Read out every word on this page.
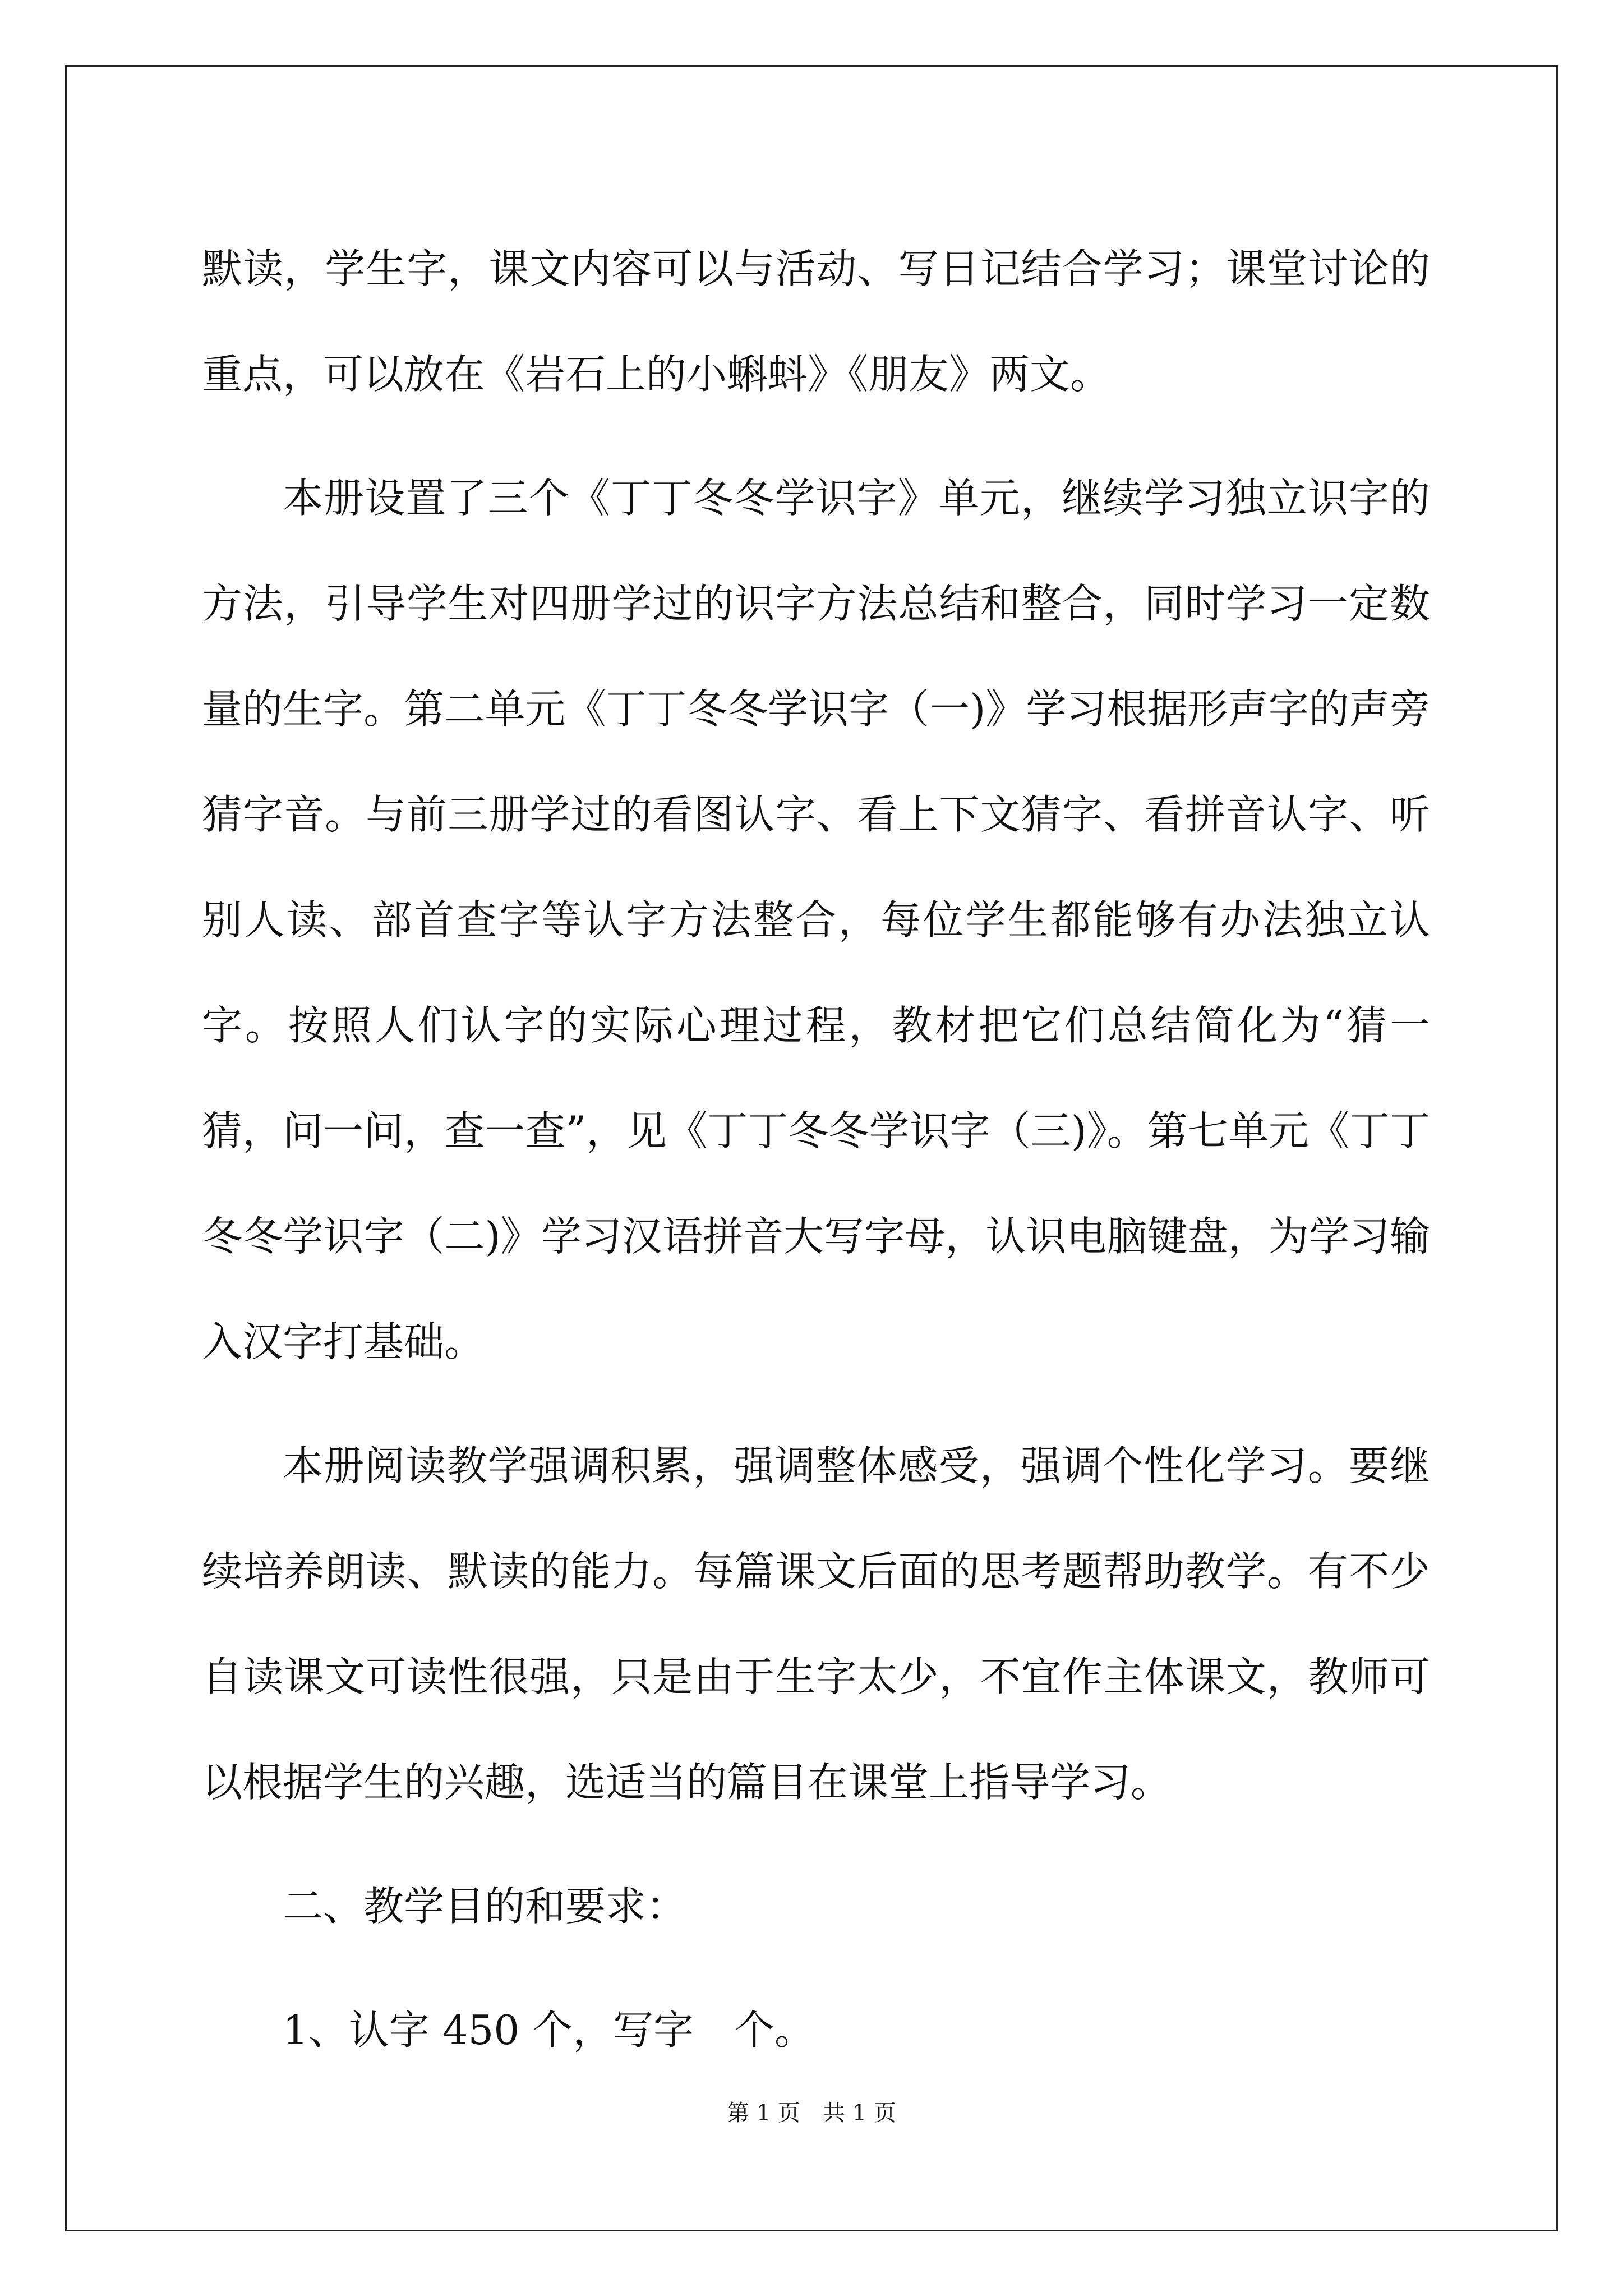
默读，学生字，课文内容可以与活动、写日记结合学习；课堂讨论的重点，可以放在《岩石上的小蝌蚪》《朋友》两文。

本册设置了三个《丁丁冬冬学识字》单元，继续学习独立识字的方法，引导学生对四册学过的识字方法总结和整合，同时学习一定数量的生字。第二单元《丁丁冬冬学识字（一)》学习根据形声字的声旁猜字音。与前三册学过的看图认字、看上下文猜字、看拼音认字、听别人读、部首查字等认字方法整合，每位学生都能够有办法独立认字。按照人们认字的实际心理过程，教材把它们总结简化为“猜一猜，问一问，查一查”，见《丁丁冬冬学识字（三)》。第七单元《丁丁冬冬学识字（二)》学习汉语拼音大写字母，认识电脑键盘，为学习输入汉字打基础。

本册阅读教学强调积累，强调整体感受，强调个性化学习。要继续培养朗读、默读的能力。每篇课文后面的思考题帮助教学。有不少自读课文可读性很强，只是由于生字太少，不宜作主体课文，教师可以根据学生的兴趣，选适当的篇目在课堂上指导学习。

二、教学目的和要求：

1、认字 450 个，写字　个。

第 1 页　共 1 页
